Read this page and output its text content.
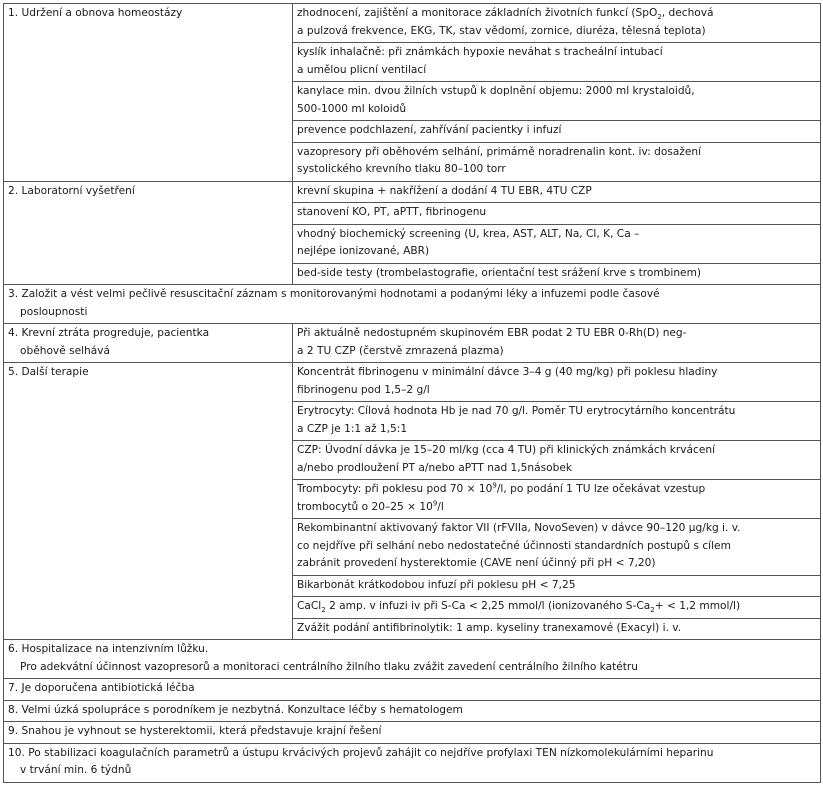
1. Udržení a obnova homeostázy	zhodnocení, zajištění a monitorace základních životních funkcí (SpO$_2$, dechová
a pulzová frekvence, EKG, TK, stav vědomí, zornice, diuréza, tělesná teplota)
	kyslík inhalačně: při známkách hypoxie neváhat s tracheální intubací
a umělou plicní ventilací
	kanylace min. dvou žilních vstupů k doplnění objemu: 2000 ml krystaloidů,
500-1000 ml koloidů
	prevence podchlazení, zahřívání pacientky i infuzí
	vazopresory při oběhovém selhání, primárně noradrenalin kont. iv: dosažení
systolického krevního tlaku 80–100 torr
2. Laboratorní vyšetření	krevní skupina + nakřížení a dodání 4 TU EBR, 4TU CZP
	stanovení KO, PT, aPTT, fibrinogenu
	vhodný biochemický screening (U, krea, AST, ALT, Na, Cl, K, Ca –
nejlépe ionizované, ABR)
	bed-side testy (trombelastografie, orientační test srážení krve s trombinem)
3. Založit a vést velmi pečlivě resuscitační záznam s monitorovanými hodnotami a podanými léky a infuzemi podle časové

posloupnosti	

4. Krevní ztráta progreduje, pacientka

oběhově selhává	Při aktuálně nedostupném skupinovém EBR podat 2 TU EBR 0-Rh(D) neg-
a 2 TU CZP (čerstvě zmrazená plazma)
5. Další terapie	Koncentrát fibrinogenu v minimální dávce 3–4 g (40 mg/kg) při poklesu hladiny
fibrinogenu pod 1,5–2 g/l
	Erytrocyty: Cílová hodnota Hb je nad 70 g/l. Poměr TU erytrocytárního koncentrátu
a CZP je 1:1 až 1,5:1
	CZP: Úvodní dávka je 15–20 ml/kg (cca 4 TU) při klinických známkách krvácení
a/nebo prodloužení PT a/nebo aPTT nad 1,5násobek
	Trombocyty: při poklesu pod $70 \times 10^9/l$, po podání 1 TU lze očekávat vzestup
trombocytů o $20-25 \times 10^9/l$
	Rekombinantní aktivovaný faktor VII (rFVIIa, NovoSeven) v dávce 90–120 µg/kg i. v.
co nejdříve při selhání nebo nedostatečné účinnosti standardních postupů s cílem
zabránit provedení hysterektomie (CAVE není účinný při pH < 7,20)
	Bikarbonát krátkodobou infuzí při poklesu pH < 7,25
	CaCl$_2$ 2 amp. v infuzi iv při S-Ca < 2,25 mmol/l (ionizovaného $S-Ca_2+ < 1,2$ mmol/l)
	Zvážit podání antifibrinolytik: 1 amp. kyseliny tranexamové (Exacyl) i. v.
6. Hospitalizace na intenzivním lůžku.

Pro adekvátní účinnost vazopresorů a monitoraci centrálního žilního tlaku zvážit zavedení centrálního žilního katétru	

7. Je doporučena antibiotická léčba	
8. Velmi úzká spolupráce s porodníkem je nezbytná. Konzultace léčby s hematologem	
9. Snahou je vyhnout se hysterektomii, která představuje krajní řešení	
10. Po stabilizaci koagulačních parametrů a ústupu krvácivých projevů zahájit co nejdříve profylaxi TEN nízkomolekulárními heparinu

v trvání min. 6 týdnů	
